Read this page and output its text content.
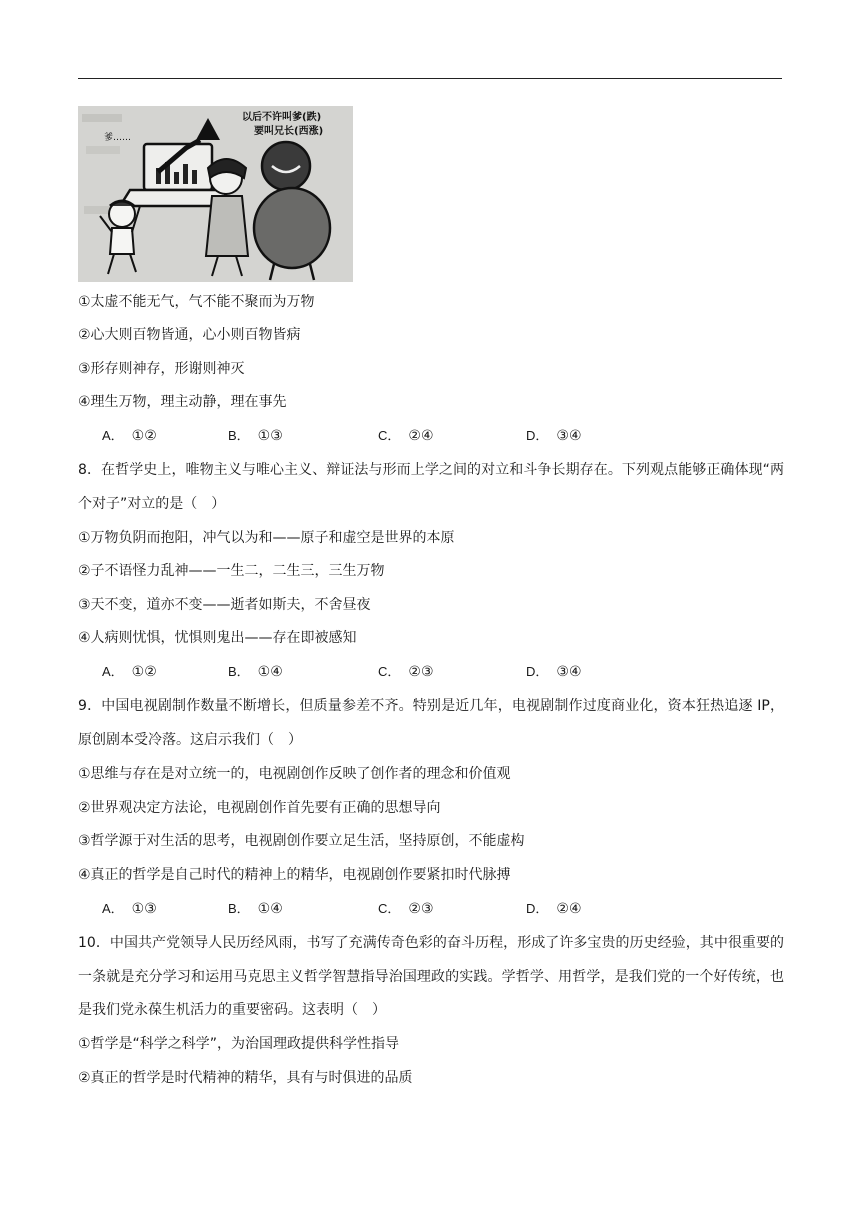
以后不许叫爹(跌)
要叫兄长(西涨)
爹……
①太虚不能无气，气不能不聚而为万物
②心大则百物皆通，心小则百物皆病
③形存则神存，形谢则神灭
④理生万物，理主动静，理在事先
A． ①②	B． ①③	C． ②④	D． ③④
8．在哲学史上，唯物主义与唯心主义、辩证法与形而上学之间的对立和斗争长期存在。下列观点能够正确体现“两个对子”对立的是（　）
①万物负阴而抱阳，冲气以为和——原子和虚空是世界的本原
②子不语怪力乱神——一生二，二生三，三生万物
③天不变，道亦不变——逝者如斯夫，不舍昼夜
④人病则忧惧，忧惧则鬼出——存在即被感知
A． ①②	B． ①④	C． ②③	D． ③④
9．中国电视剧制作数量不断增长，但质量参差不齐。特别是近几年，电视剧制作过度商业化，资本狂热追逐 IP，原创剧本受冷落。这启示我们（　）
①思维与存在是对立统一的，电视剧创作反映了创作者的理念和价值观
②世界观决定方法论，电视剧创作首先要有正确的思想导向
③哲学源于对生活的思考，电视剧创作要立足生活，坚持原创，不能虚构
④真正的哲学是自己时代的精神上的精华，电视剧创作要紧扣时代脉搏
A． ①③	B． ①④	C． ②③	D． ②④
10．中国共产党领导人民历经风雨，书写了充满传奇色彩的奋斗历程，形成了许多宝贵的历史经验，其中很重要的一条就是充分学习和运用马克思主义哲学智慧指导治国理政的实践。学哲学、用哲学，是我们党的一个好传统，也是我们党永葆生机活力的重要密码。这表明（　）
①哲学是“科学之科学”，为治国理政提供科学性指导
②真正的哲学是时代精神的精华，具有与时俱进的品质
